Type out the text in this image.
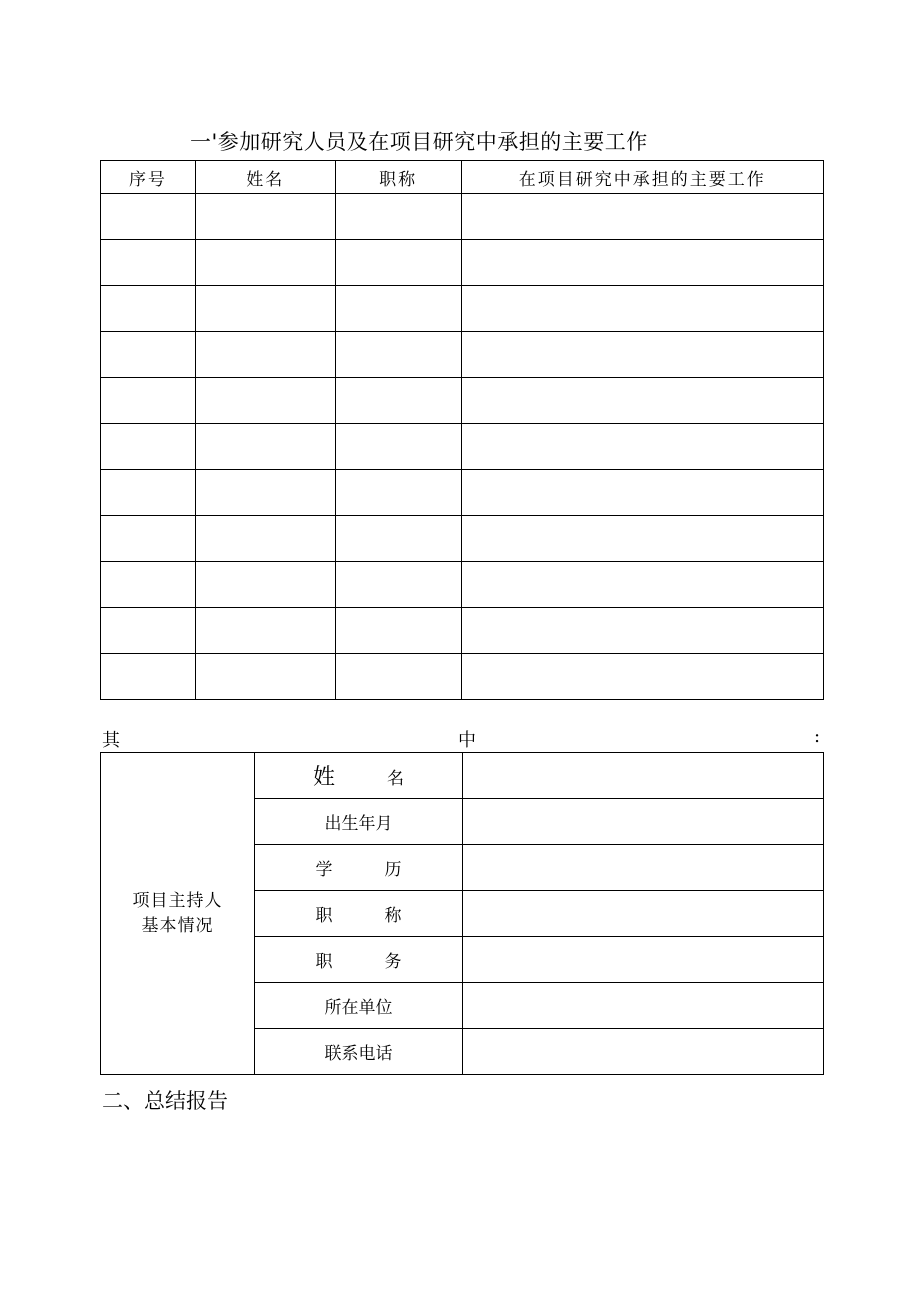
一'参加研究人员及在项目研究中承担的主要工作
序号	姓名	职称	在项目研究中承担的主要工作

其	中	:
项目主持人
基本情况	姓 名	
	出生年月	
	学 历	
	职 称	
	职 务	
	所在单位	
	联系电话	
二、总结报告
